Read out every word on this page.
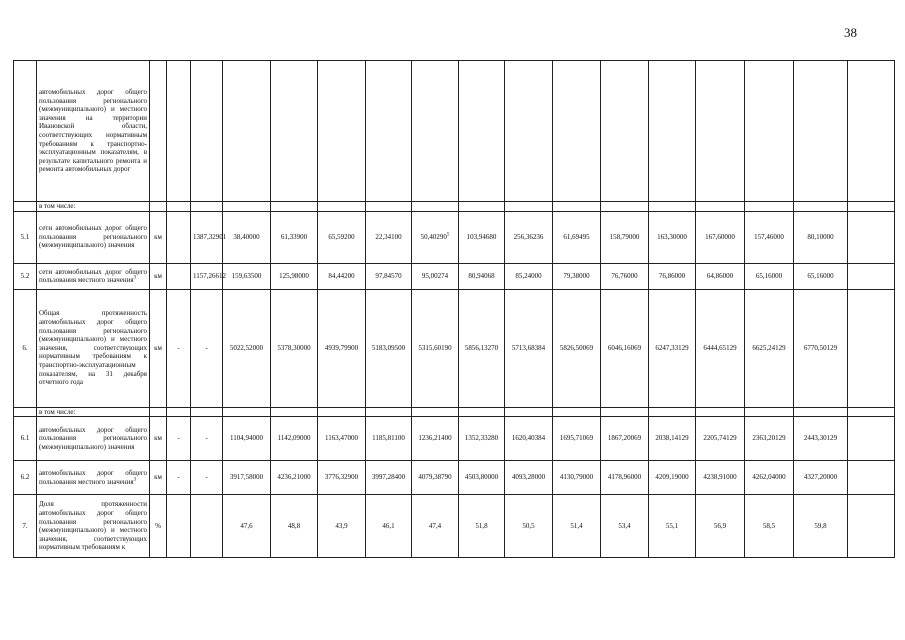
38
	автомобильных дорог общего пользования регионального (межмуниципального) и местного значения на территории Ивановской области, соответствующих нормативным требованиям к транспортно-эксплуатационным показателям, в результате капитального ремонта и ремонта автомобильных дорог																	
	в том числе:																	
5.1	сети автомобильных дорог общего пользования регионального (межмуниципального) значения	км		1387,32901	38,40000	61,33900	65,59200	22,34100	50,40290$^5$	103,94680	256,36236	61,69495	158,79000	163,30000	167,60000	157,46000	80,10000	
5.2	сети автомобильных дорог общего пользования местного значения$^3$	км		1157,26612	159,63500	125,98000	84,44200	97,84570	95,00274	80,94068	85,24000	79,38000	76,76000	76,86000	64,86000	65,16000	65,16000	
6.	Общая протяженность автомобильных дорог общего пользования регионального (межмуниципального) и местного значения, соответствующих нормативным требованиям к транспортно-эксплуатационным показателям, на 31 декабря отчетного года	км	-	-	5022,52000	5378,30000	4939,79900	5183,09500	5315,60190	5856,13270	5713,68384	5826,50069	6046,16069	6247,33129	6444,65129	6625,24129	6770,50129	
	в том числе:																	
6.1	автомобильных дорог общего пользования регионального (межмуниципального) значения	км	-	-	1104,94000	1142,09000	1163,47000	1185,81100	1236,21400	1352,33280	1620,40384	1695,71069	1867,20069	2038,14129	2205,74129	2363,20129	2443,30129	
6.2	автомобильных дорог общего пользования местного значения$^3$	км	-	-	3917,58000	4236,21000	3776,32900	3997,28400	4079,38790	4503,80000	4093,28000	4130,79000	4178,96000	4209,19000	4238,91000	4262,04000	4327,20000	
7.	Доля протяженности автомобильных дорог общего пользования регионального (межмуниципального) и местного значения, соответствующих нормативным требованиям к	%			47,6	48,8	43,9	46,1	47,4	51,8	50,5	51,4	53,4	55,1	56,9	58,5	59,8	
